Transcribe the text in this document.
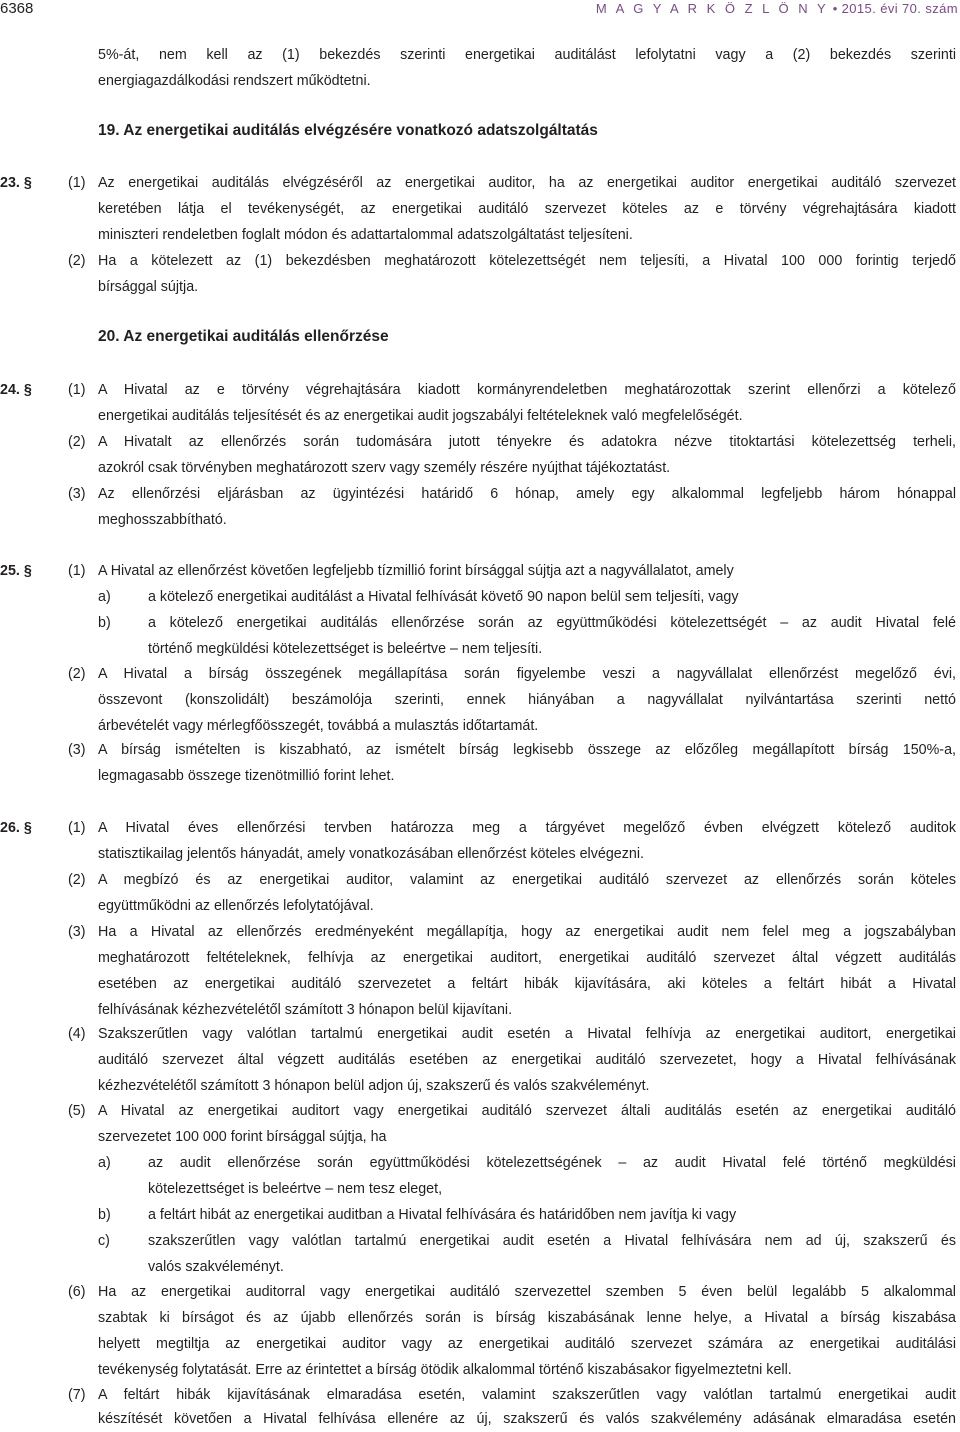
6368	M A G Y A R K Ö Z L Ö N Y • 2015. évi 70. szám
5%-át, nem kell az (1) bekezdés szerinti energetikai auditálást lefolytatni vagy a (2) bekezdés szerinti
energiagazdálkodási rendszert működtetni.
19. Az energetikai auditálás elvégzésére vonatkozó adatszolgáltatás
23. §	(1) Az energetikai auditálás elvégzéséről az energetikai auditor, ha az energetikai auditor energetikai auditáló szervezet
keretében látja el tevékenységét, az energetikai auditáló szervezet köteles az e törvény végrehajtására kiadott
miniszteri rendeletben foglalt módon és adattartalommal adatszolgáltatást teljesíteni.
(2) Ha a kötelezett az (1) bekezdésben meghatározott kötelezettségét nem teljesíti, a Hivatal 100 000 forintig terjedő
bírsággal sújtja.
20. Az energetikai auditálás ellenőrzése
24. §	(1) A Hivatal az e törvény végrehajtására kiadott kormányrendeletben meghatározottak szerint ellenőrzi a kötelező
energetikai auditálás teljesítését és az energetikai audit jogszabályi feltételeknek való megfelelőségét.
(2) A Hivatalt az ellenőrzés során tudomására jutott tényekre és adatokra nézve titoktartási kötelezettség terheli,
azokról csak törvényben meghatározott szerv vagy személy részére nyújthat tájékoztatást.
(3) Az ellenőrzési eljárásban az ügyintézési határidő 6 hónap, amely egy alkalommal legfeljebb három hónappal
meghosszabbítható.
25. §	(1) A Hivatal az ellenőrzést követően legfeljebb tízmillió forint bírsággal sújtja azt a nagyvállalatot, amely
a)	a kötelező energetikai auditálást a Hivatal felhívását követő 90 napon belül sem teljesíti, vagy
b)	a kötelező energetikai auditálás ellenőrzése során az együttműködési kötelezettségét – az audit Hivatal felé
történő megküldési kötelezettséget is beleértve – nem teljesíti.
(2) A Hivatal a bírság összegének megállapítása során figyelembe veszi a nagyvállalat ellenőrzést megelőző évi,
összevont (konszolidált) beszámolója szerinti, ennek hiányában a nagyvállalat nyilvántartása szerinti nettó
árbevételét vagy mérlegfőösszegét, továbbá a mulasztás időtartamát.
(3) A bírság ismételten is kiszabható, az ismételt bírság legkisebb összege az előzőleg megállapított bírság 150%-a,
legmagasabb összege tizenötmillió forint lehet.
26. §	(1) A Hivatal éves ellenőrzési tervben határozza meg a tárgyévet megelőző évben elvégzett kötelező auditok
statisztikailag jelentős hányadát, amely vonatkozásában ellenőrzést köteles elvégezni.
(2) A megbízó és az energetikai auditor, valamint az energetikai auditáló szervezet az ellenőrzés során köteles
együttműködni az ellenőrzés lefolytatójával.
(3) Ha a Hivatal az ellenőrzés eredményeként megállapítja, hogy az energetikai audit nem felel meg a jogszabályban
meghatározott feltételeknek, felhívja az energetikai auditort, energetikai auditáló szervezet által végzett auditálás
esetében az energetikai auditáló szervezetet a feltárt hibák kijavítására, aki köteles a feltárt hibát a Hivatal
felhívásának kézhezvételétől számított 3 hónapon belül kijavítani.
(4) Szakszerűtlen vagy valótlan tartalmú energetikai audit esetén a Hivatal felhívja az energetikai auditort, energetikai
auditáló szervezet által végzett auditálás esetében az energetikai auditáló szervezetet, hogy a Hivatal felhívásának
kézhezvételétől számított 3 hónapon belül adjon új, szakszerű és valós szakvéleményt.
(5) A Hivatal az energetikai auditort vagy energetikai auditáló szervezet általi auditálás esetén az energetikai auditáló
szervezetet 100 000 forint bírsággal sújtja, ha
a)	az audit ellenőrzése során együttműködési kötelezettségének – az audit Hivatal felé történő megküldési
kötelezettséget is beleértve – nem tesz eleget,
b)	a feltárt hibát az energetikai auditban a Hivatal felhívására és határidőben nem javítja ki vagy
c)	szakszerűtlen vagy valótlan tartalmú energetikai audit esetén a Hivatal felhívására nem ad új, szakszerű és
valós szakvéleményt.
(6) Ha az energetikai auditorral vagy energetikai auditáló szervezettel szemben 5 éven belül legalább 5 alkalommal
szabtak ki bírságot és az újabb ellenőrzés során is bírság kiszabásának lenne helye, a Hivatal a bírság kiszabása
helyett megtiltja az energetikai auditor vagy az energetikai auditáló szervezet számára az energetikai auditálási
tevékenység folytatását. Erre az érintettet a bírság ötödik alkalommal történő kiszabásakor figyelmeztetni kell.
(7) A feltárt hibák kijavításának elmaradása esetén, valamint szakszerűtlen vagy valótlan tartalmú energetikai audit
készítését követően a Hivatal felhívása ellenére az új, szakszerű és valós szakvélemény adásának elmaradása esetén
